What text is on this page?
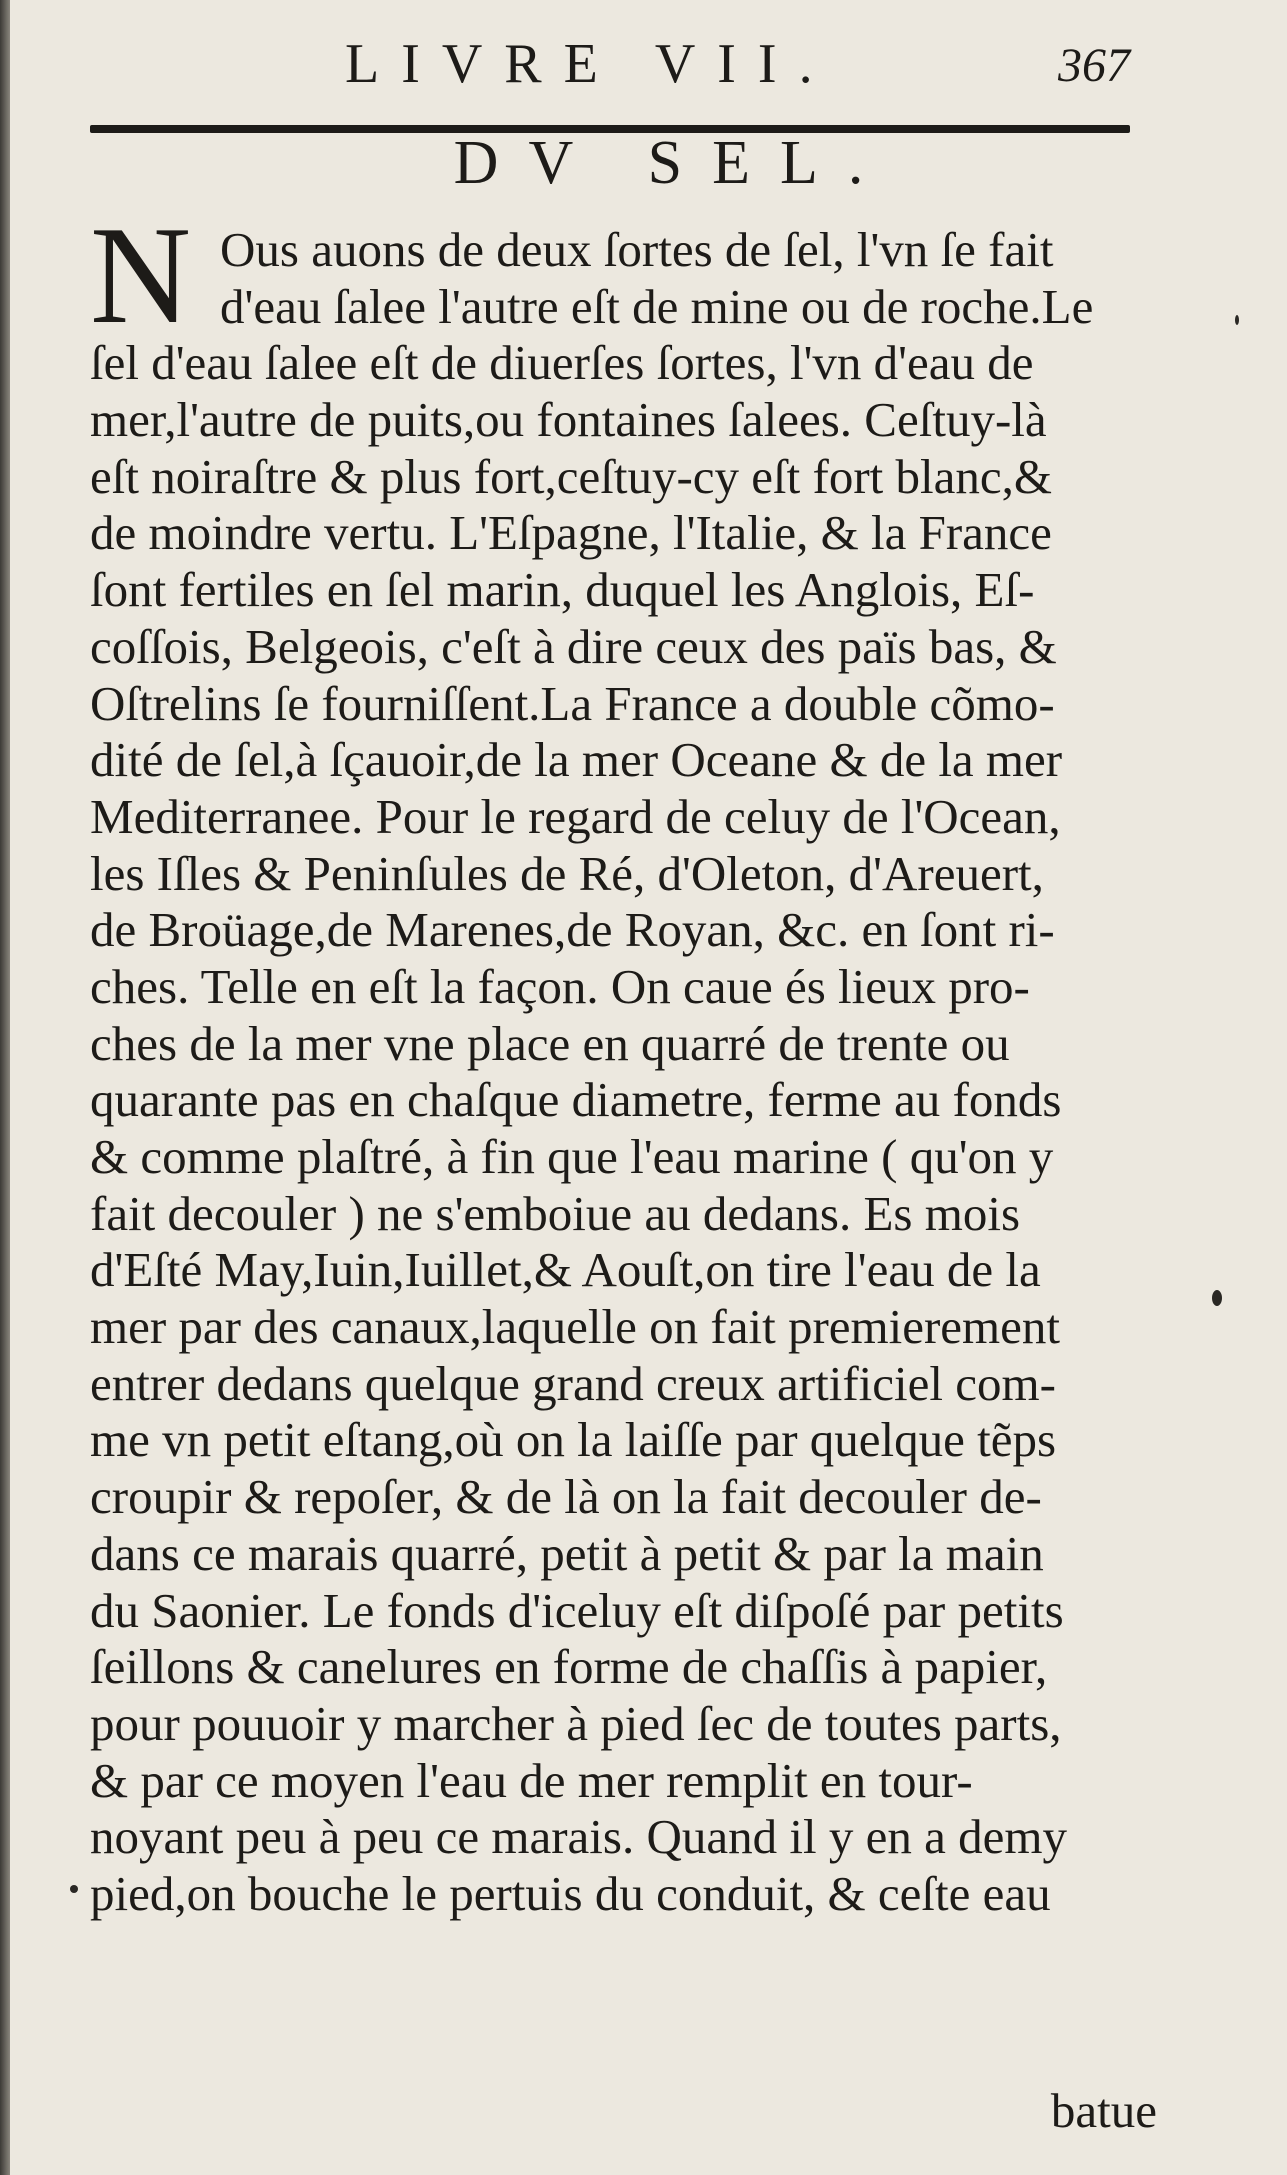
LIVRE VII.	367
DV SEL.
N Ous auons de deux ſortes de ſel, l'vn ſe fait
d'eau ſalee l'autre eſt de mine ou de roche.Le
ſel d'eau ſalee eſt de diuerſes ſortes, l'vn d'eau de
mer,l'autre de puits,ou fontaines ſalees. Ceſtuy-là
eſt noiraſtre & plus fort,ceſtuy-cy eſt fort blanc,&
de moindre vertu. L'Eſpagne, l'Italie, & la France
ſont fertiles en ſel marin, duquel les Anglois, Eſ-
coſſois, Belgeois, c'eſt à dire ceux des païs bas, &
Oſtrelins ſe fourniſſent.La France a double cõmo-
dité de ſel,à ſçauoir,de la mer Oceane & de la mer
Mediterranee. Pour le regard de celuy de l'Ocean,
les Iſles & Peninſules de Ré, d'Oleton, d'Areuert,
de Broüage,de Marenes,de Royan, &c. en ſont ri-
ches. Telle en eſt la façon. On caue és lieux pro-
ches de la mer vne place en quarré de trente ou
quarante pas en chaſque diametre, ferme au fonds
& comme plaſtré, à fin que l'eau marine ( qu'on y
fait decouler ) ne s'emboiue au dedans. Es mois
d'Eſté May,Iuin,Iuillet,& Aouſt,on tire l'eau de la
mer par des canaux,laquelle on fait premierement
entrer dedans quelque grand creux artificiel com-
me vn petit eſtang,où on la laiſſe par quelque tẽps
croupir & repoſer, & de là on la fait decouler de-
dans ce marais quarré, petit à petit & par la main
du Saonier. Le fonds d'iceluy eſt diſpoſé par petits
ſeillons & canelures en forme de chaſſis à papier,
pour pouuoir y marcher à pied ſec de toutes parts,
& par ce moyen l'eau de mer remplit en tour-
noyant peu à peu ce marais. Quand il y en a demy
pied,on bouche le pertuis du conduit, & ceſte eau
batue
